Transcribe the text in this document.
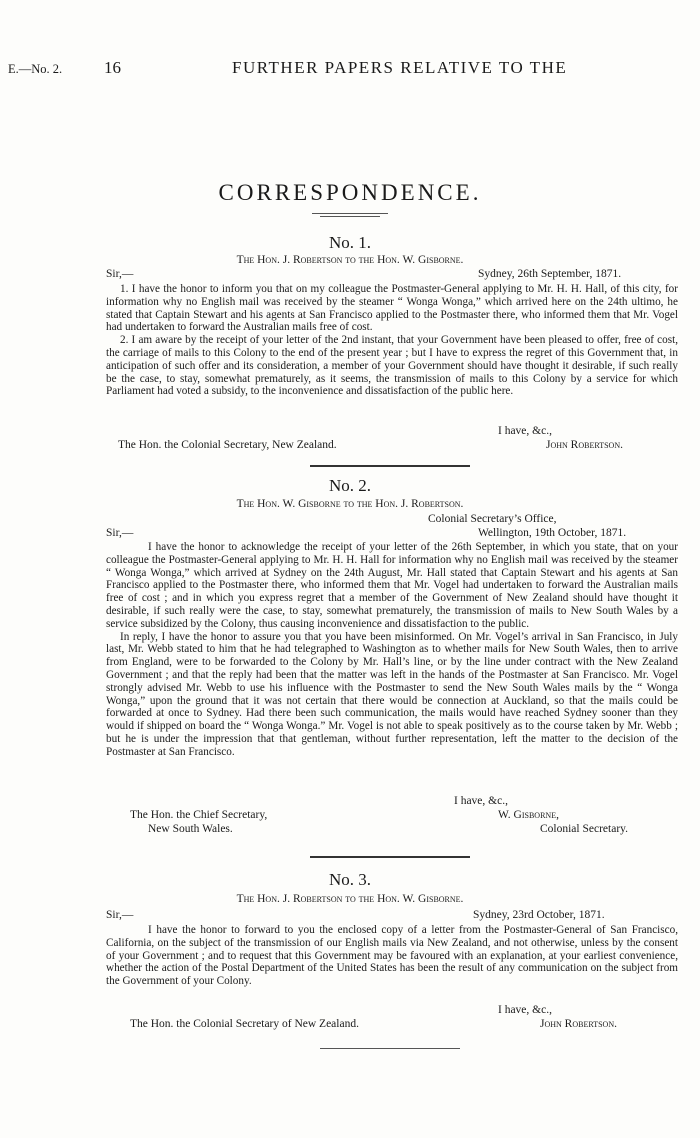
E.—No. 2. 16	FURTHER PAPERS RELATIVE TO THE
CORRESPONDENCE.
No. 1.
The Hon. J. Robertson to the Hon. W. Gisborne.
Sir,—	Sydney, 26th September, 1871.

1. I have the honor to inform you that on my colleague the Postmaster-General applying to Mr. H. H. Hall, of this city, for information why no English mail was received by the steamer “ Wonga Wonga,” which arrived here on the 24th ultimo, he stated that Captain Stewart and his agents at San Francisco applied to the Postmaster there, who informed them that Mr. Vogel had undertaken to forward the Australian mails free of cost.

2. I am aware by the receipt of your letter of the 2nd instant, that your Government have been pleased to offer, free of cost, the carriage of mails to this Colony to the end of the present year ; but I have to express the regret of this Government that, in anticipation of such offer and its consideration, a member of your Government should have thought it desirable, if such really be the case, to stay, somewhat prematurely, as it seems, the transmission of mails to this Colony by a service for which Parliament had voted a subsidy, to the inconvenience and dissatisfaction of the public here.

I have, &c.,
The Hon. the Colonial Secretary, New Zealand.	John Robertson.
No. 2.
The Hon. W. Gisborne to the Hon. J. Robertson.
Colonial Secretary’s Office,
Sir,—	Wellington, 19th October, 1871.

I have the honor to acknowledge the receipt of your letter of the 26th September, in which you state, that on your colleague the Postmaster-General applying to Mr. H. H. Hall for information why no English mail was received by the steamer “ Wonga Wonga,” which arrived at Sydney on the 24th August, Mr. Hall stated that Captain Stewart and his agents at San Francisco applied to the Postmaster there, who informed them that Mr. Vogel had undertaken to forward the Australian mails free of cost ; and in which you express regret that a member of the Government of New Zealand should have thought it desirable, if such really were the case, to stay, somewhat prematurely, the transmission of mails to New South Wales by a service subsidized by the Colony, thus causing inconvenience and dissatisfaction to the public.

In reply, I have the honor to assure you that you have been misinformed. On Mr. Vogel’s arrival in San Francisco, in July last, Mr. Webb stated to him that he had telegraphed to Washington as to whether mails for New South Wales, then to arrive from England, were to be forwarded to the Colony by Mr. Hall’s line, or by the line under contract with the New Zealand Government ; and that the reply had been that the matter was left in the hands of the Postmaster at San Francisco. Mr. Vogel strongly advised Mr. Webb to use his influence with the Postmaster to send the New South Wales mails by the “ Wonga Wonga,” upon the ground that it was not certain that there would be connection at Auckland, so that the mails could be forwarded at once to Sydney. Had there been such communication, the mails would have reached Sydney sooner than they would if shipped on board the “ Wonga Wonga.” Mr. Vogel is not able to speak positively as to the course taken by Mr. Webb ; but he is under the impression that that gentleman, without further representation, left the matter to the decision of the Postmaster at San Francisco.

I have, &c.,
The Hon. the Chief Secretary,	W. Gisborne,
New South Wales.	Colonial Secretary.
No. 3.
The Hon. J. Robertson to the Hon. W. Gisborne.
Sir,—	Sydney, 23rd October, 1871.

I have the honor to forward to you the enclosed copy of a letter from the Postmaster-General of San Francisco, California, on the subject of the transmission of our English mails via New Zealand, and not otherwise, unless by the consent of your Government ; and to request that this Government may be favoured with an explanation, at your earliest convenience, whether the action of the Postal Department of the United States has been the result of any communication on the subject from the Government of your Colony.

I have, &c.,
The Hon. the Colonial Secretary of New Zealand.	John Robertson.
